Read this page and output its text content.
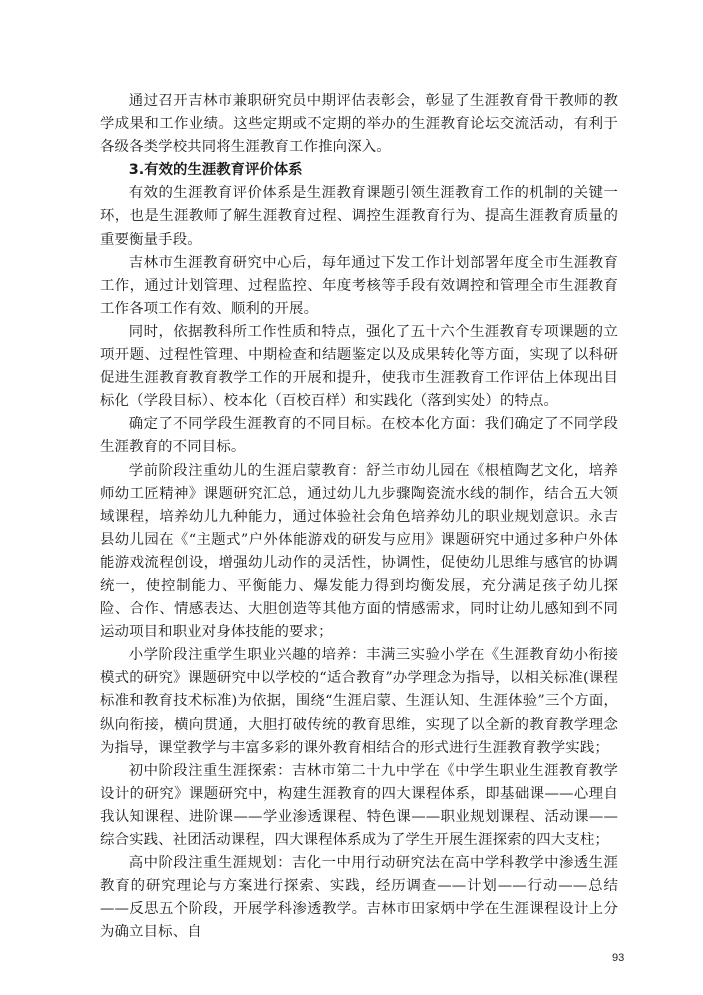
通过召开吉林市兼职研究员中期评估表彰会，彰显了生涯教育骨干教师的教学成果和工作业绩。这些定期或不定期的举办的生涯教育论坛交流活动，有利于各级各类学校共同将生涯教育工作推向深入。

3.有效的生涯教育评价体系

有效的生涯教育评价体系是生涯教育课题引领生涯教育工作的机制的关键一环，也是生涯教师了解生涯教育过程、调控生涯教育行为、提高生涯教育质量的重要衡量手段。

吉林市生涯教育研究中心后，每年通过下发工作计划部署年度全市生涯教育工作，通过计划管理、过程监控、年度考核等手段有效调控和管理全市生涯教育工作各项工作有效、顺利的开展。

同时，依据教科所工作性质和特点，强化了五十六个生涯教育专项课题的立项开题、过程性管理、中期检查和结题鉴定以及成果转化等方面，实现了以科研促进生涯教育教育教学工作的开展和提升，使我市生涯教育工作评估上体现出目标化（学段目标）、校本化（百校百样）和实践化（落到实处）的特点。

确定了不同学段生涯教育的不同目标。在校本化方面：我们确定了不同学段生涯教育的不同目标。

学前阶段注重幼儿的生涯启蒙教育：舒兰市幼儿园在《根植陶艺文化，培养师幼工匠精神》课题研究汇总，通过幼儿九步骤陶瓷流水线的制作，结合五大领域课程，培养幼儿九种能力，通过体验社会角色培养幼儿的职业规划意识。永吉县幼儿园在《“主题式”户外体能游戏的研发与应用》课题研究中通过多种户外体能游戏流程创设，增强幼儿动作的灵活性，协调性，促使幼儿思维与感官的协调统一，使控制能力、平衡能力、爆发能力得到均衡发展，充分满足孩子幼儿探险、合作、情感表达、大胆创造等其他方面的情感需求，同时让幼儿感知到不同运动项目和职业对身体技能的要求；

小学阶段注重学生职业兴趣的培养：丰满三实验小学在《生涯教育幼小衔接模式的研究》课题研究中以学校的“适合教育”办学理念为指导，以相关标准(课程标准和教育技术标准)为依据，围绕“生涯启蒙、生涯认知、生涯体验”三个方面，纵向衔接，横向贯通，大胆打破传统的教育思维，实现了以全新的教育教学理念为指导，课堂教学与丰富多彩的课外教育相结合的形式进行生涯教育教学实践；

初中阶段注重生涯探索：吉林市第二十九中学在《中学生职业生涯教育教学设计的研究》课题研究中，构建生涯教育的四大课程体系，即基础课——心理自我认知课程、进阶课——学业渗透课程、特色课——职业规划课程、活动课——综合实践、社团活动课程，四大课程体系成为了学生开展生涯探索的四大支柱；

高中阶段注重生涯规划：吉化一中用行动研究法在高中学科教学中渗透生涯教育的研究理论与方案进行探索、实践，经历调查——计划——行动——总结——反思五个阶段，开展学科渗透教学。吉林市田家炳中学在生涯课程设计上分为确立目标、自

93
